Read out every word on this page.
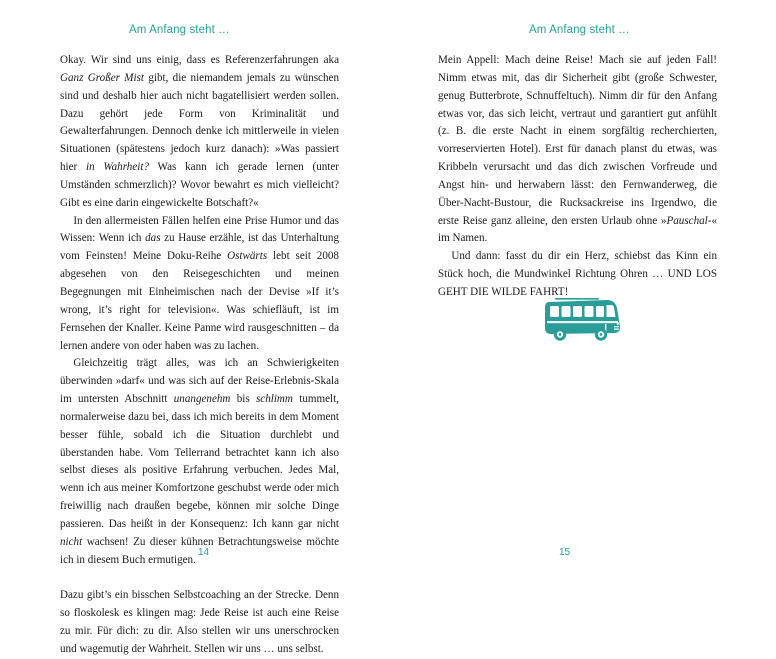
Am Anfang steht …

Okay. Wir sind uns einig, dass es Referenzerfahrungen aka Ganz Großer Mist gibt, die niemandem jemals zu wünschen sind und deshalb hier auch nicht bagatellisiert werden sollen. Dazu gehört jede Form von Kriminalität und Gewalterfahrungen. Dennoch denke ich mittlerweile in vielen Situationen (spätestens jedoch kurz danach): »Was passiert hier in Wahrheit? Was kann ich gerade lernen (unter Umständen schmerzlich)? Wovor bewahrt es mich vielleicht? Gibt es eine darin eingewickelte Botschaft?«

In den allermeisten Fällen helfen eine Prise Humor und das Wissen: Wenn ich das zu Hause erzähle, ist das Unterhaltung vom Feinsten! Meine Doku-Reihe Ostwärts lebt seit 2008 abgesehen von den Reisegeschichten und meinen Begegnungen mit Einheimischen nach der Devise »If it’s wrong, it’s right for television«. Was schiefläuft, ist im Fernsehen der Knaller. Keine Panne wird rausgeschnitten – da lernen andere von oder haben was zu lachen.

Gleichzeitig trägt alles, was ich an Schwierigkeiten überwinden »darf« und was sich auf der Reise-Erlebnis-Skala im untersten Abschnitt unangenehm bis schlimm tummelt, normalerweise dazu bei, dass ich mich bereits in dem Moment besser fühle, sobald ich die Situation durchlebt und überstanden habe. Vom Tellerrand betrachtet kann ich also selbst dieses als positive Erfahrung verbuchen. Jedes Mal, wenn ich aus meiner Komfortzone geschubst werde oder mich freiwillig nach draußen begebe, können mir solche Dinge passieren. Das heißt in der Konsequenz: Ich kann gar nicht nicht wachsen! Zu dieser kühnen Betrachtungsweise möchte ich in diesem Buch ermutigen.

Dazu gibt’s ein bisschen Selbstcoaching an der Strecke. Denn so floskolesk es klingen mag: Jede Reise ist auch eine Reise zu mir. Für dich: zu dir. Also stellen wir uns unerschrocken und wagemutig der Wahrheit. Stellen wir uns … uns selbst.

14
Am Anfang steht …

Mein Appell: Mach deine Reise! Mach sie auf jeden Fall! Nimm etwas mit, das dir Sicherheit gibt (große Schwester, genug Butterbrote, Schnuffeltuch). Nimm dir für den Anfang etwas vor, das sich leicht, vertraut und garantiert gut anfühlt (z. B. die erste Nacht in einem sorgfältig recherchierten, vorreservierten Hotel). Erst für danach planst du etwas, was Kribbeln verursacht und das dich zwischen Vorfreude und Angst hin- und herwabern lässt: den Fernwanderweg, die Über-Nacht-Bustour, die Rucksackreise ins Irgendwo, die erste Reise ganz alleine, den ersten Urlaub ohne »Pauschal-« im Namen.

Und dann: fasst du dir ein Herz, schiebst das Kinn ein Stück hoch, die Mundwinkel Richtung Ohren … UND LOS GEHT DIE WILDE FAHRT!

15
